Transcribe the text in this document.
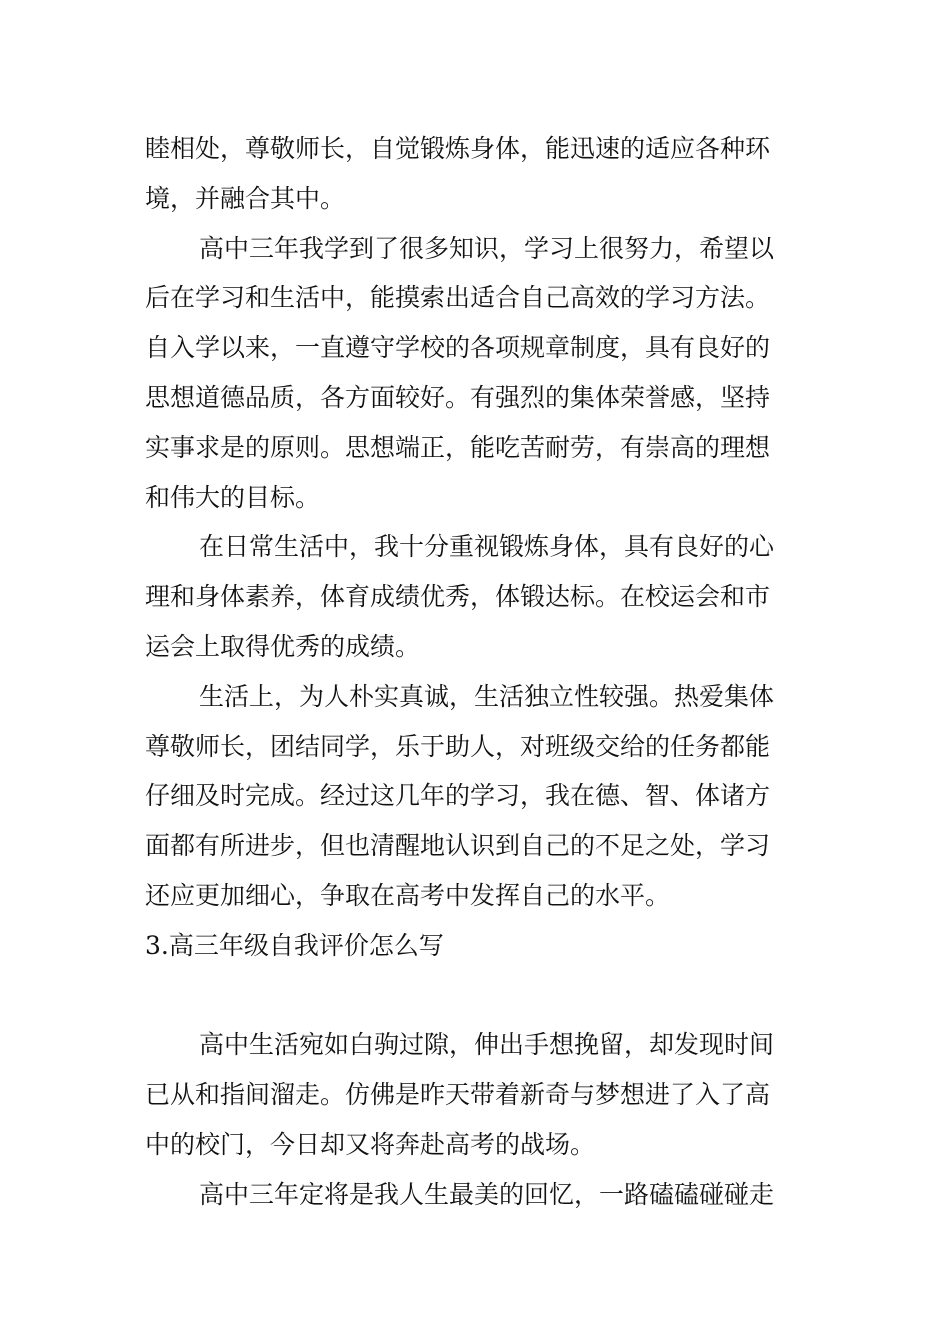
睦相处，尊敬师长，自觉锻炼身体，能迅速的适应各种环
境，并融合其中。
高中三年我学到了很多知识，学习上很努力，希望以
后在学习和生活中，能摸索出适合自己高效的学习方法。
自入学以来，一直遵守学校的各项规章制度，具有良好的
思想道德品质，各方面较好。有强烈的集体荣誉感，坚持
实事求是的原则。思想端正，能吃苦耐劳，有崇高的理想
和伟大的目标。
在日常生活中，我十分重视锻炼身体，具有良好的心
理和身体素养，体育成绩优秀，体锻达标。在校运会和市
运会上取得优秀的成绩。
生活上，为人朴实真诚，生活独立性较强。热爱集体
尊敬师长，团结同学，乐于助人，对班级交给的任务都能
仔细及时完成。经过这几年的学习，我在德、智、体诸方
面都有所进步，但也清醒地认识到自己的不足之处，学习
还应更加细心，争取在高考中发挥自己的水平。
3.高三年级自我评价怎么写
高中生活宛如白驹过隙，伸出手想挽留，却发现时间
已从和指间溜走。仿佛是昨天带着新奇与梦想进了入了高
中的校门，今日却又将奔赴高考的战场。
高中三年定将是我人生最美的回忆，一路磕磕碰碰走
